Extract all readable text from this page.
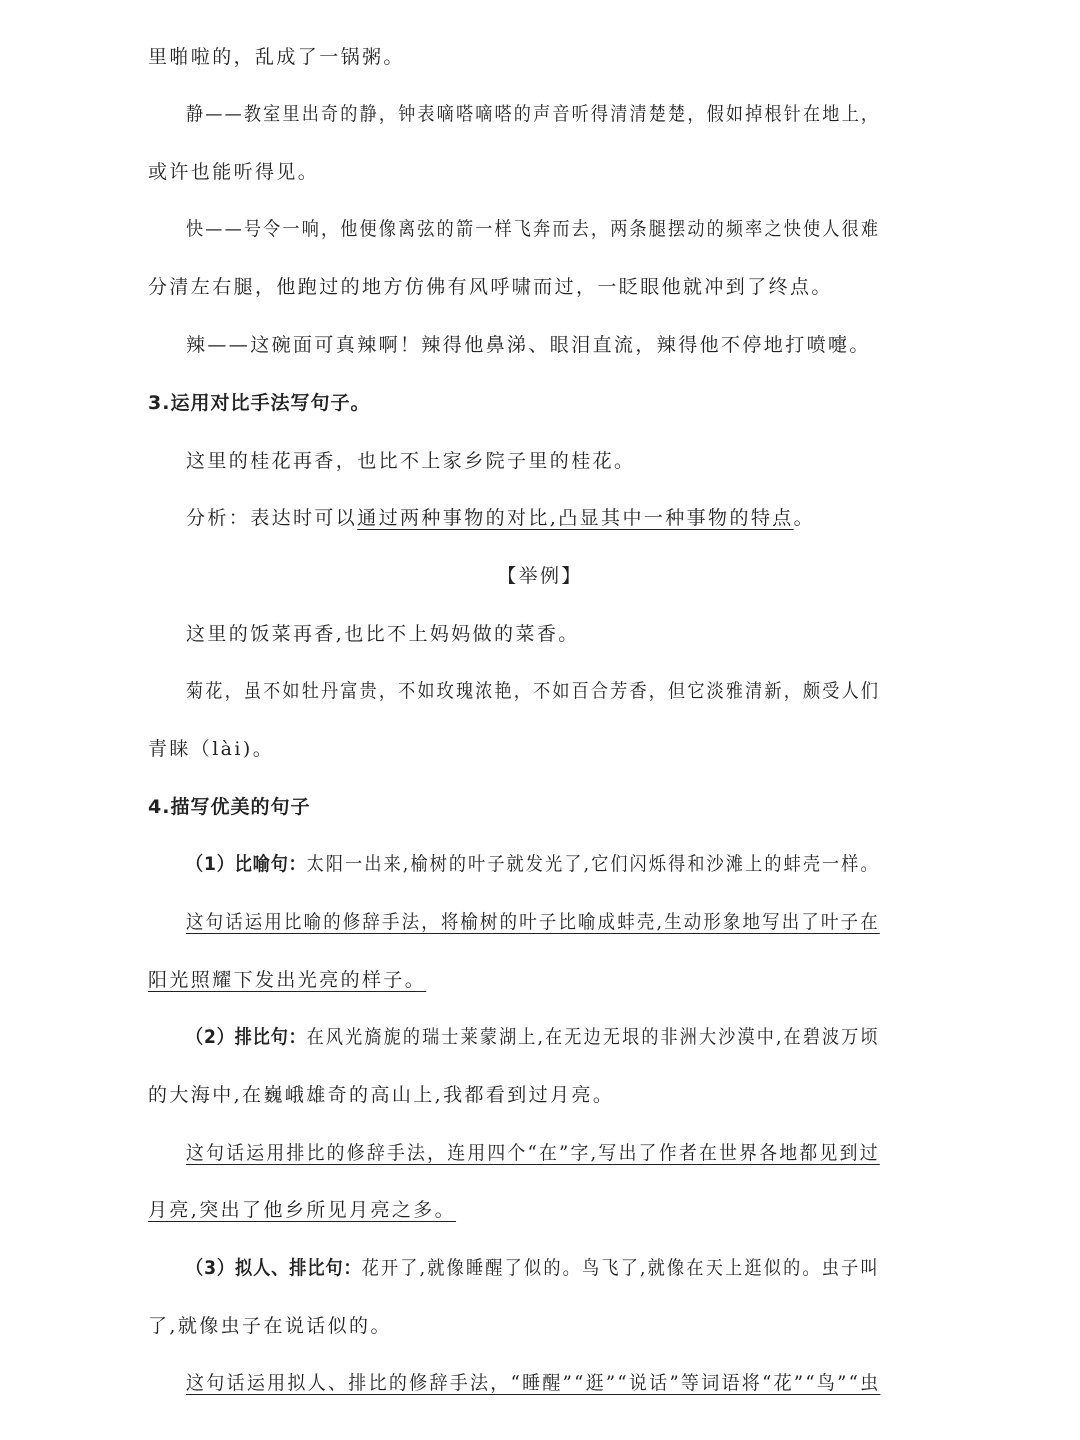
里啪啦的，乱成了一锅粥。
静——教室里出奇的静，钟表嘀嗒嘀嗒的声音听得清清楚楚，假如掉根针在地上，
或许也能听得见。
快——号令一响，他便像离弦的箭一样飞奔而去，两条腿摆动的频率之快使人很难
分清左右腿，他跑过的地方仿佛有风呼啸而过，一眨眼他就冲到了终点。
辣——这碗面可真辣啊！辣得他鼻涕、眼泪直流，辣得他不停地打喷嚏。
3.运用对比手法写句子。
这里的桂花再香，也比不上家乡院子里的桂花。
分析：表达时可以通过两种事物的对比,凸显其中一种事物的特点。
【举例】
这里的饭菜再香,也比不上妈妈做的菜香。
菊花，虽不如牡丹富贵，不如玫瑰浓艳，不如百合芳香，但它淡雅清新，颇受人们
青睐（lài)。
4.描写优美的句子
（1）比喻句：太阳一出来,榆树的叶子就发光了,它们闪烁得和沙滩上的蚌壳一样。
这句话运用比喻的修辞手法，将榆树的叶子比喻成蚌壳,生动形象地写出了叶子在
阳光照耀下发出光亮的样子。
（2）排比句：在风光旖旎的瑞士莱蒙湖上,在无边无垠的非洲大沙漠中,在碧波万顷
的大海中,在巍峨雄奇的高山上,我都看到过月亮。
这句话运用排比的修辞手法，连用四个“在”字,写出了作者在世界各地都见到过
月亮,突出了他乡所见月亮之多。
（3）拟人、排比句：花开了,就像睡醒了似的。鸟飞了,就像在天上逛似的。虫子叫
了,就像虫子在说话似的。
这句话运用拟人、排比的修辞手法，“睡醒”“逛”“说话”等词语将“花”“鸟”“虫
